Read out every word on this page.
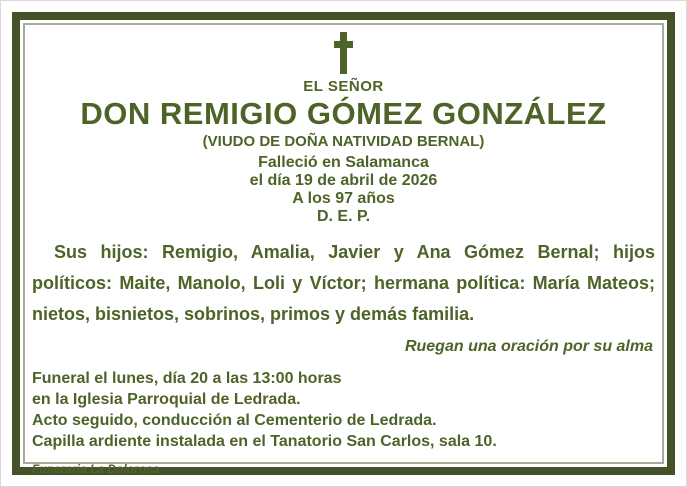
EL SEÑOR
DON REMIGIO GÓMEZ GONZÁLEZ
(VIUDO DE DOÑA NATIVIDAD BERNAL)
Falleció en Salamanca
el día 19 de abril de 2026
A los 97 años
D. E. P.

Sus hijos: Remigio, Amalia, Javier y Ana Gómez Bernal; hijos políticos: Maite, Manolo, Loli y Víctor; hermana política: María Mateos; nietos, bisnietos, sobrinos, primos y demás familia.

Ruegan una oración por su alma
Funeral el lunes, día 20 a las 13:00 horas
en la Iglesia Parroquial de Ledrada.
Acto seguido, conducción al Cementerio de Ledrada.
Capilla ardiente instalada en el Tanatorio San Carlos, sala 10.
Funeraria La Dolorosa
